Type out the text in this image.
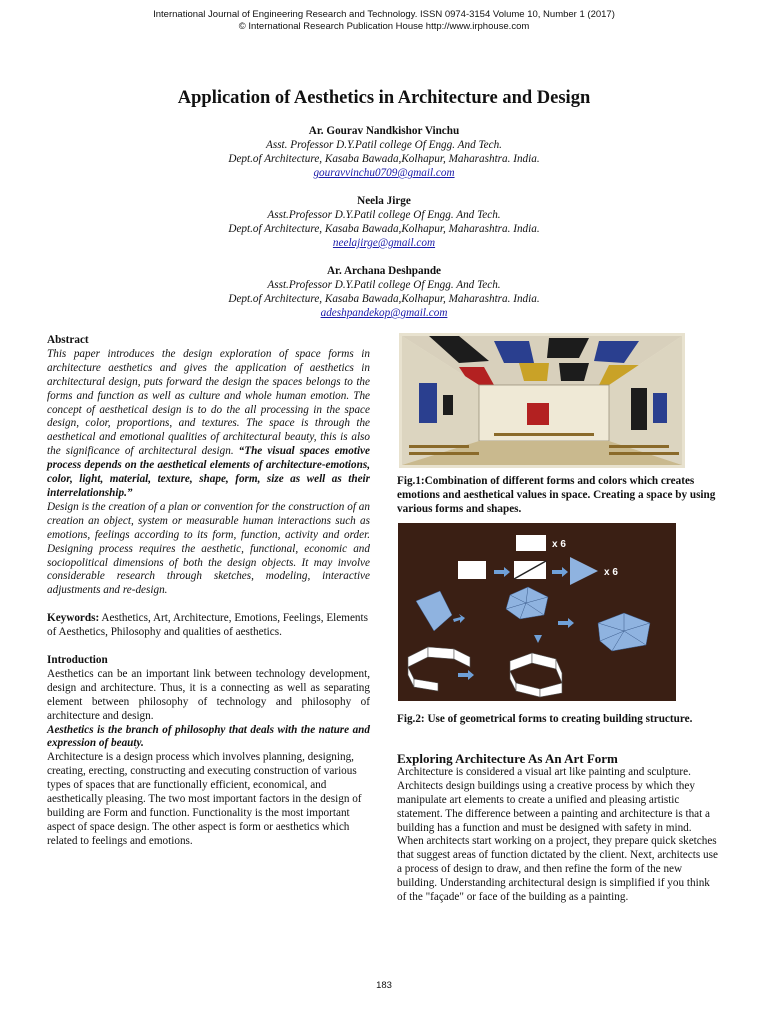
International Journal of Engineering Research and Technology. ISSN 0974-3154 Volume 10, Number 1 (2017)
© International Research Publication House http://www.irphouse.com
Application of Aesthetics in Architecture and Design
Ar. Gourav Nandkishor Vinchu
Asst. Professor D.Y.Patil college Of Engg. And Tech.
Dept.of Architecture, Kasaba Bawada,Kolhapur, Maharashtra. India.
gouravvinchu0709@gmail.com
Neela Jirge
Asst.Professor D.Y.Patil college Of Engg. And Tech.
Dept.of Architecture, Kasaba Bawada,Kolhapur, Maharashtra. India.
neelajirge@gmail.com
Ar. Archana Deshpande
Asst.Professor D.Y.Patil college Of Engg. And Tech.
Dept.of Architecture, Kasaba Bawada,Kolhapur, Maharashtra. India.
adeshpandekop@gmail.com

Abstract

This paper introduces the design exploration of space forms in architecture aesthetics and gives the application of aesthetics in architectural design, puts forward the design the spaces belongs to the forms and function as well as culture and whole human emotion. The concept of aesthetical design is to do the all processing in the space design, color, proportions, and textures. The space is through the aesthetical and emotional qualities of architectural beauty, this is also the significance of architectural design. “The visual spaces emotive process depends on the aesthetical elements of architecture-emotions, color, light, material, texture, shape, form, size as well as their interrelationship.”

Design is the creation of a plan or convention for the construction of an creation an object, system or measurable human interactions such as emotions, feelings according to its form, function, activity and order. Designing process requires the aesthetic, functional, economic and sociopolitical dimensions of both the design objects. It may involve considerable research through sketches, modeling, interactive adjustments and re-design.

Keywords: Aesthetics, Art, Architecture, Emotions, Feelings, Elements of Aesthetics, Philosophy and qualities of aesthetics.

Introduction

Aesthetics can be an important link between technology development, design and architecture. Thus, it is a connecting as well as separating element between philosophy of technology and philosophy of architecture and design.

Aesthetics is the branch of philosophy that deals with the nature and expression of beauty.

Architecture is a design process which involves planning, designing, creating, erecting, constructing and executing construction of various types of spaces that are functionally efficient, economical, and aesthetically pleasing. The two most important factors in the design of building are Form and function. Functionality is the most important aspect of space design. The other aspect is form or aesthetics which related to feelings and emotions.

Fig.1:Combination of different forms and colors which creates emotions and aesthetical values in space. Creating a space by using various forms and shapes.
x 6
x 6
Fig.2: Use of geometrical forms to creating building structure.

Exploring Architecture As An Art Form

Architecture is considered a visual art like painting and sculpture. Architects design buildings using a creative process by which they manipulate art elements to create a unified and pleasing artistic statement. The difference between a painting and architecture is that a building has a function and must be designed with safety in mind. When architects start working on a project, they prepare quick sketches that suggest areas of function dictated by the client. Next, architects use a process of design to draw, and then refine the form of the new building. Understanding architectural design is simplified if you think of the "façade" or face of the building as a painting.

183
